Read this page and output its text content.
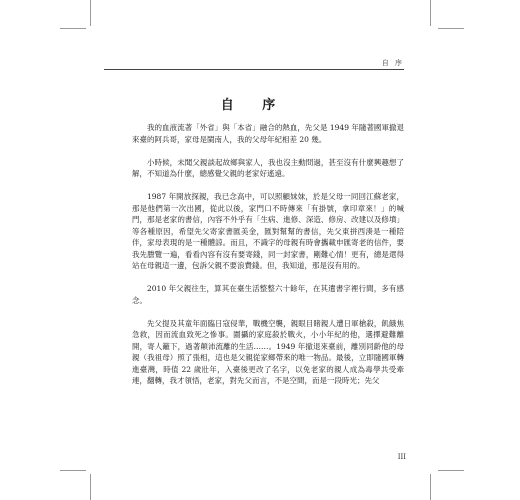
自 序
自 序

我的血液流著「外省」與「本省」融合的熱血，先父是 1949 年隨著國軍撤退來臺的阿兵哥，家母是閩南人，我的父母年紀相差 20 幾。

小時候，未聞父親談起故鄉與家人，我也沒主動問過，甚至沒有什麼興趣想了解，不知道為什麼，總感覺父親的老家好遙遠。

1987 年開放探親，我已念高中，可以照顧妹妹，於是父母一同回江蘇老家，那是他們第一次出國，從此以後，家門口不時傳來「有掛號，拿印章來！」的喊門，那是老家的書信，內容不外乎有「生病、進修、深造、修房、改建以及修墳」等各種原因，希望先父寄家書匯美金，匯對幫幫的書信，先父東拼西湊是一種陪伴，家母表現的是一種體諒。而且，不識字的母親有時會攜載申匯寄老的信件，要我先謄覽一遍，看看內容有沒有要寄錢，同一封家書，剛難心情！更有，總是還得站在母親這一邊，包訴父親不要浪費錢。但，我知道，那是沒有用的。

2010 年父親往生，算其在臺生活整整六十餘年，在其遺書字裡行間，多有感念。

先父提及其童年面臨日寇侵華，戰機空襲，親眼目睹親人遭日軍槍殺，飢餓焦急救，因而流血致死之慘事。圍攝的家庭殺於戰火，小小年紀的他，選擇避難離開，寄人籬下，過著顛沛流離的生活……。1949 年撤退來臺前，離別同齡他的母親（我祖母）照了張相，這也是父親從家鄉帶來的唯一物品。最後，立即隨國軍轉進臺灣，時值 22 歲壯年，入臺後更改了名字，以免老家的親人成為毒學共受牽連，翻轉，我才領悟，老家，對先父而言，不是空間，而是一段時光；先父

III
